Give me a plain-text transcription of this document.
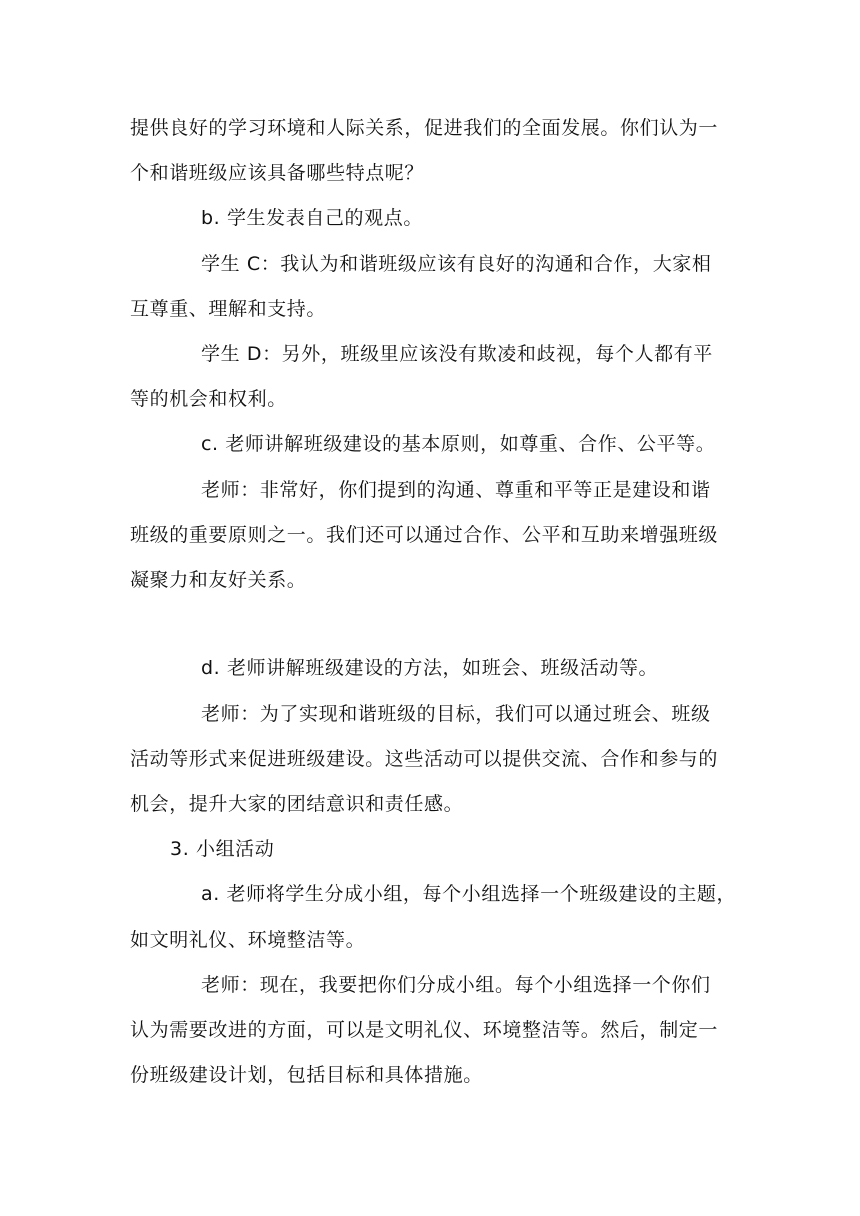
提供良好的学习环境和人际关系，促进我们的全面发展。你们认为一
个和谐班级应该具备哪些特点呢？
b. 学生发表自己的观点。
学生 C：我认为和谐班级应该有良好的沟通和合作，大家相
互尊重、理解和支持。
学生 D：另外，班级里应该没有欺凌和歧视，每个人都有平
等的机会和权利。
c. 老师讲解班级建设的基本原则，如尊重、合作、公平等。
老师：非常好，你们提到的沟通、尊重和平等正是建设和谐
班级的重要原则之一。我们还可以通过合作、公平和互助来增强班级
凝聚力和友好关系。
d. 老师讲解班级建设的方法，如班会、班级活动等。
老师：为了实现和谐班级的目标，我们可以通过班会、班级
活动等形式来促进班级建设。这些活动可以提供交流、合作和参与的
机会，提升大家的团结意识和责任感。
3. 小组活动
a. 老师将学生分成小组，每个小组选择一个班级建设的主题，
如文明礼仪、环境整洁等。
老师：现在，我要把你们分成小组。每个小组选择一个你们
认为需要改进的方面，可以是文明礼仪、环境整洁等。然后，制定一
份班级建设计划，包括目标和具体措施。
